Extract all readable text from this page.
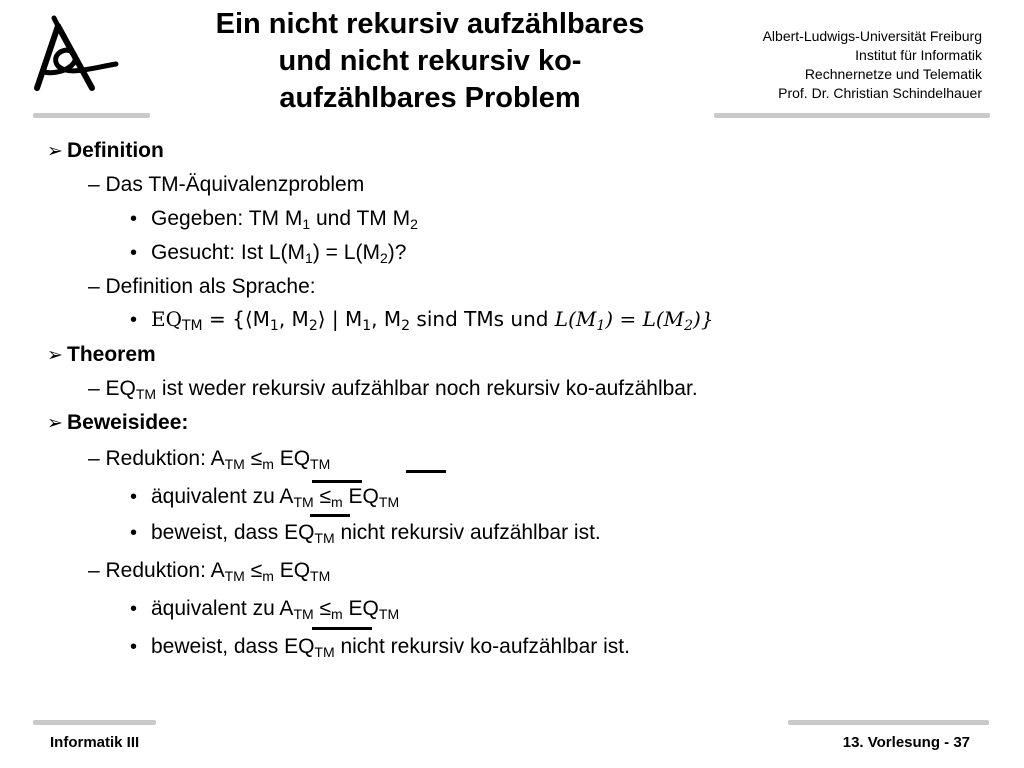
Ein nicht rekursiv aufzählbares
und nicht rekursiv ko-
aufzählbares Problem
Albert-Ludwigs-Universität Freiburg
Institut für Informatik
Rechnernetze und Telematik
Prof. Dr. Christian Schindelhauer
➢ Definition
– Das TM-Äquivalenzproblem
• Gegeben: TM $M_1$ und TM $M_2$
• Gesucht: Ist $L(M_1) = L(M_2)$?
– Definition als Sprache:
• $EQ_{TM}$ = {$⟨M_1$, $M_2⟩$ | $M_1$, $M_2$ sind TMs und $L(M_1) = L(M_2)$}
➢ Theorem
– $EQ_{TM}$ ist weder rekursiv aufzählbar noch rekursiv ko-aufzählbar.
➢ Beweisidee:
– Reduktion: $A_{TM} \le_m$ $EQ_{TM}$
• äquivalent zu $A_{TM} \le_m$ $EQ_{TM}$
• beweist, dass $EQ_{TM}$ nicht rekursiv aufzählbar ist.
– Reduktion: $A_{TM} \le_m$ $EQ_{TM}$
• äquivalent zu $A_{TM} \le_m$ $EQ_{TM}$
• beweist, dass $EQ_{TM}$ nicht rekursiv ko-aufzählbar ist.
Informatik III	13. Vorlesung - 37
